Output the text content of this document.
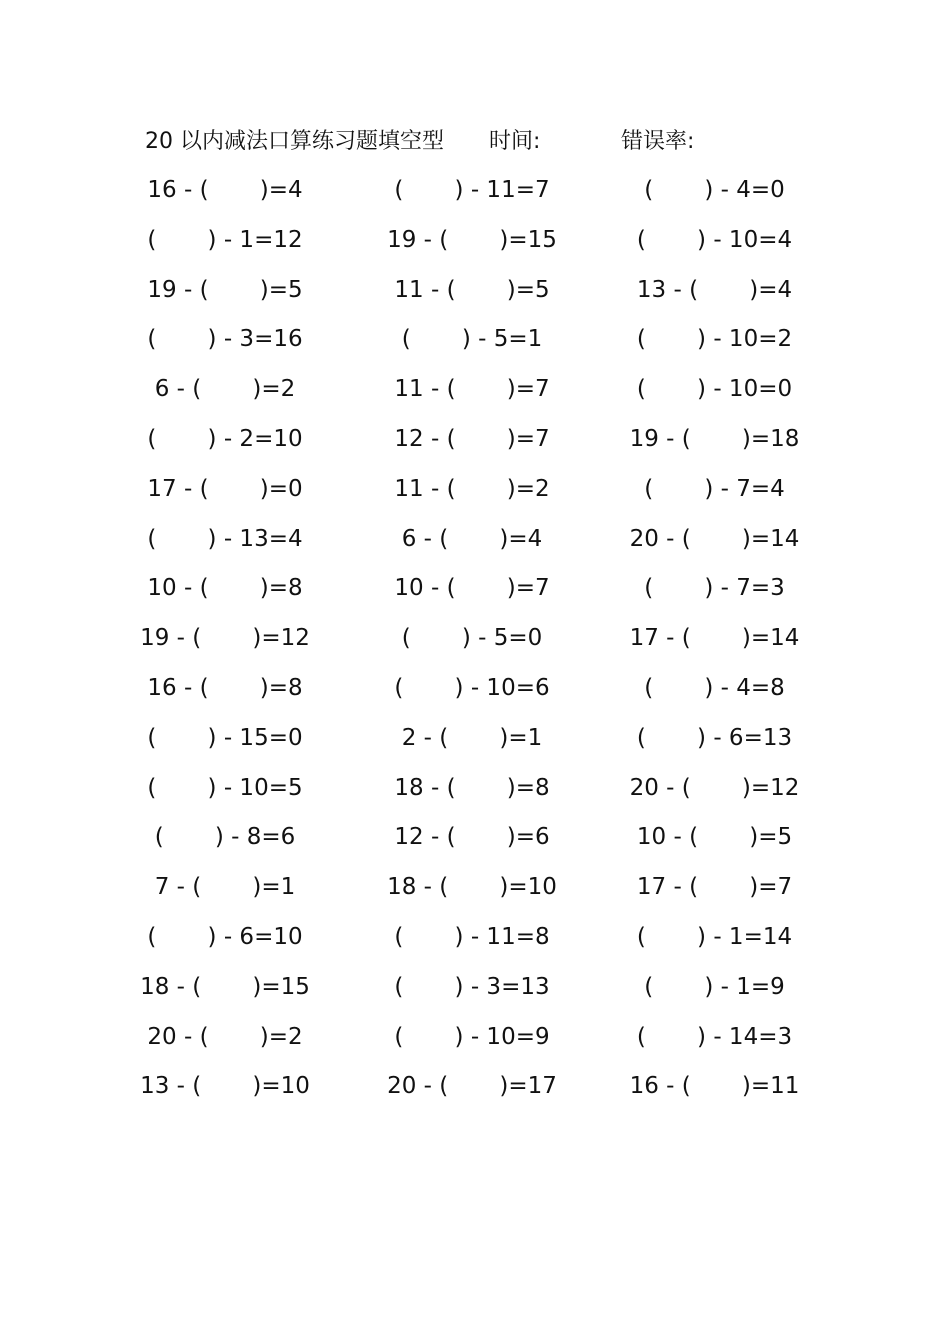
20 以内减法口算练习题填空型 时间:	错误率:
16 - (       )=4	(       ) - 11=7	(       ) - 4=0
(       ) - 1=12	19 - (       )=15	(       ) - 10=4
19 - (       )=5	11 - (       )=5	13 - (       )=4
(       ) - 3=16	(       ) - 5=1	(       ) - 10=2
6 - (       )=2	11 - (       )=7	(       ) - 10=0
(       ) - 2=10	12 - (       )=7	19 - (       )=18
17 - (       )=0	11 - (       )=2	(       ) - 7=4
(       ) - 13=4	6 - (       )=4	20 - (       )=14
10 - (       )=8	10 - (       )=7	(       ) - 7=3
19 - (       )=12	(       ) - 5=0	17 - (       )=14
16 - (       )=8	(       ) - 10=6	(       ) - 4=8
(       ) - 15=0	2 - (       )=1	(       ) - 6=13
(       ) - 10=5	18 - (       )=8	20 - (       )=12
(       ) - 8=6	12 - (       )=6	10 - (       )=5
7 - (       )=1	18 - (       )=10	17 - (       )=7
(       ) - 6=10	(       ) - 11=8	(       ) - 1=14
18 - (       )=15	(       ) - 3=13	(       ) - 1=9
20 - (       )=2	(       ) - 10=9	(       ) - 14=3
13 - (       )=10	20 - (       )=17	16 - (       )=11
